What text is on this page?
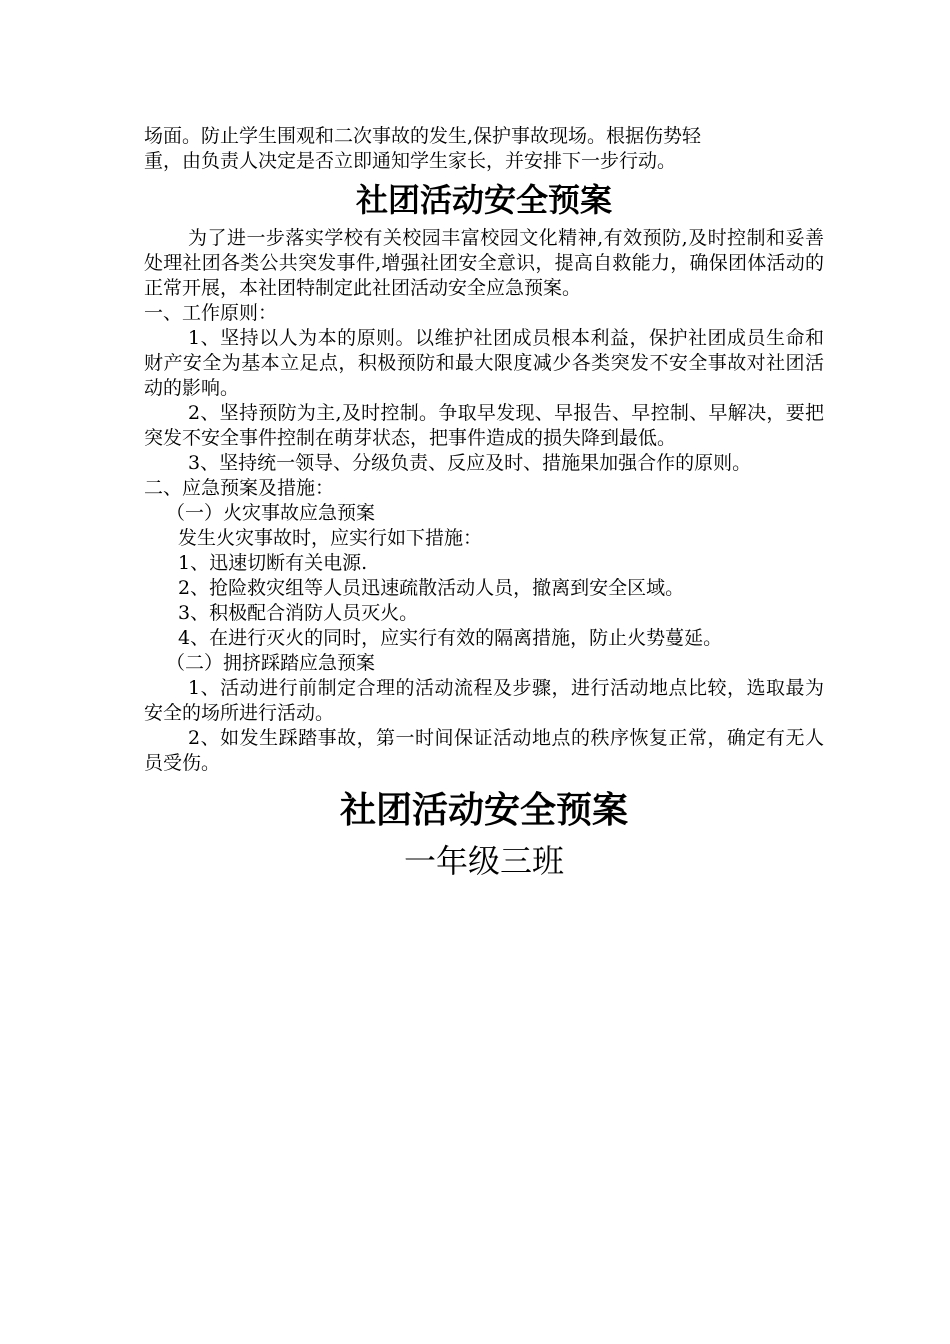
场面。防止学生围观和二次事故的发生,保护事故现场。根据伤势轻

重，由负责人决定是否立即通知学生家长，并安排下一步行动。

社团活动安全预案

为了进一步落实学校有关校园丰富校园文化精神,有效预防,及时控制和妥善处理社团各类公共突发事件,增强社团安全意识，提高自救能力，确保团体活动的正常开展，本社团特制定此社团活动安全应急预案。

一、工作原则：

1、坚持以人为本的原则。以维护社团成员根本利益，保护社团成员生命和财产安全为基本立足点，积极预防和最大限度减少各类突发不安全事故对社团活动的影响。

2、坚持预防为主,及时控制。争取早发现、早报告、早控制、早解决，要把突发不安全事件控制在萌芽状态，把事件造成的损失降到最低。

3、坚持统一领导、分级负责、反应及时、措施果加强合作的原则。

二、应急预案及措施：

（一）火灾事故应急预案

发生火灾事故时，应实行如下措施：

1、迅速切断有关电源.

2、抢险救灾组等人员迅速疏散活动人员，撤离到安全区域。

3、积极配合消防人员灭火。

4、在进行灭火的同时，应实行有效的隔离措施，防止火势蔓延。

（二）拥挤踩踏应急预案

1、活动进行前制定合理的活动流程及步骤，进行活动地点比较，选取最为安全的场所进行活动。

2、如发生踩踏事故，第一时间保证活动地点的秩序恢复正常，确定有无人员受伤。

社团活动安全预案

一年级三班
